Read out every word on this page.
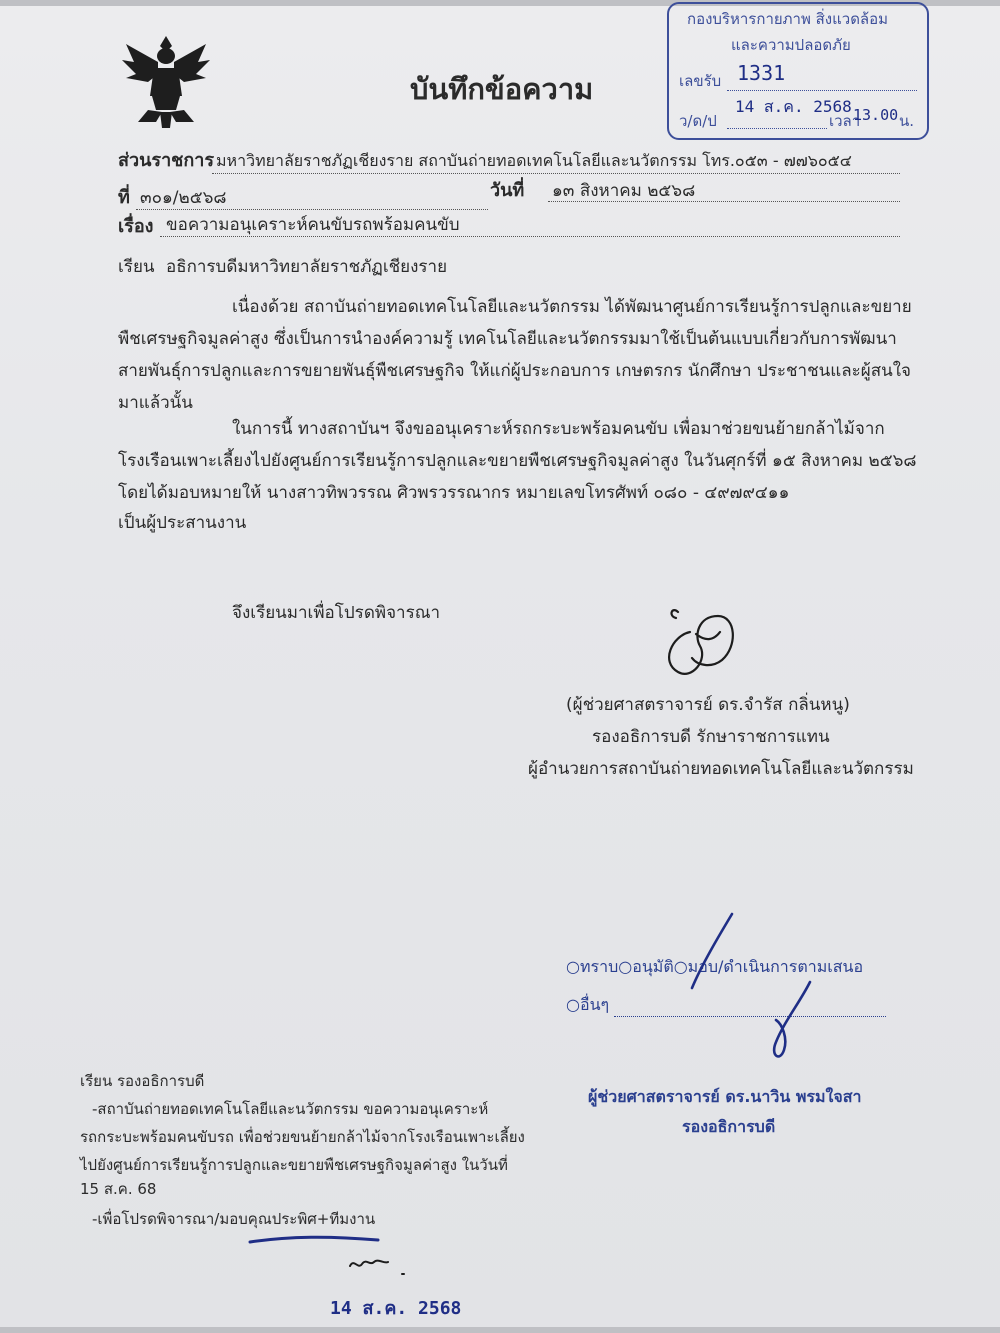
บันทึกข้อความ
กองบริหารกายภาพ สิ่งแวดล้อม
และความปลอดภัย
เลขรับ 1331
ว/ด/ป
14 ส.ค. 2568
เวลา
13.00 น.
ส่วนราชการ มหาวิทยาลัยราชภัฏเชียงราย สถาบันถ่ายทอดเทคโนโลยีและนวัตกรรม โทร.๐๕๓ - ๗๗๖๐๕๔
ที่ ๓๐๑/๒๕๖๘	วันที่ ๑๓ สิงหาคม ๒๕๖๘
เรื่อง ขอความอนุเคราะห์คนขับรถพร้อมคนขับ
เรียน อธิการบดีมหาวิทยาลัยราชภัฏเชียงราย
เนื่องด้วย สถาบันถ่ายทอดเทคโนโลยีและนวัตกรรม ได้พัฒนาศูนย์การเรียนรู้การปลูกและขยาย
พืชเศรษฐกิจมูลค่าสูง ซึ่งเป็นการนำองค์ความรู้ เทคโนโลยีและนวัตกรรมมาใช้เป็นต้นแบบเกี่ยวกับการพัฒนา
สายพันธุ์การปลูกและการขยายพันธุ์พืชเศรษฐกิจ ให้แก่ผู้ประกอบการ เกษตรกร นักศึกษา ประชาชนและผู้สนใจ
มาแล้วนั้น
ในการนี้ ทางสถาบันฯ จึงขออนุเคราะห์รถกระบะพร้อมคนขับ เพื่อมาช่วยขนย้ายกล้าไม้จาก
โรงเรือนเพาะเลี้ยงไปยังศูนย์การเรียนรู้การปลูกและขยายพืชเศรษฐกิจมูลค่าสูง ในวันศุกร์ที่ ๑๕ สิงหาคม ๒๕๖๘
โดยได้มอบหมายให้ นางสาวทิพวรรณ ศิวพรวรรณากร หมายเลขโทรศัพท์ ๐๘๐ - ๔๙๗๙๔๑๑
เป็นผู้ประสานงาน
จึงเรียนมาเพื่อโปรดพิจารณา
(ผู้ช่วยศาสตราจารย์ ดร.จำรัส กลิ่นหนู)
รองอธิการบดี รักษาราชการแทน
ผู้อำนวยการสถาบันถ่ายทอดเทคโนโลยีและนวัตกรรม
○ทราบ○อนุมัติ○มอบ/ดำเนินการตามเสนอ
○อื่นๆ
ผู้ช่วยศาสตราจารย์ ดร.นาวิน พรมใจสา
รองอธิการบดี
เรียน รองอธิการบดี
-สถาบันถ่ายทอดเทคโนโลยีและนวัตกรรม ขอความอนุเคราะห์
รถกระบะพร้อมคนขับรถ เพื่อช่วยขนย้ายกล้าไม้จากโรงเรือนเพาะเลี้ยง
ไปยังศูนย์การเรียนรู้การปลูกและขยายพืชเศรษฐกิจมูลค่าสูง ในวันที่
15 ส.ค. 68
-เพื่อโปรดพิจารณา/มอบคุณประพิศ+ทีมงาน
14 ส.ค. 2568
